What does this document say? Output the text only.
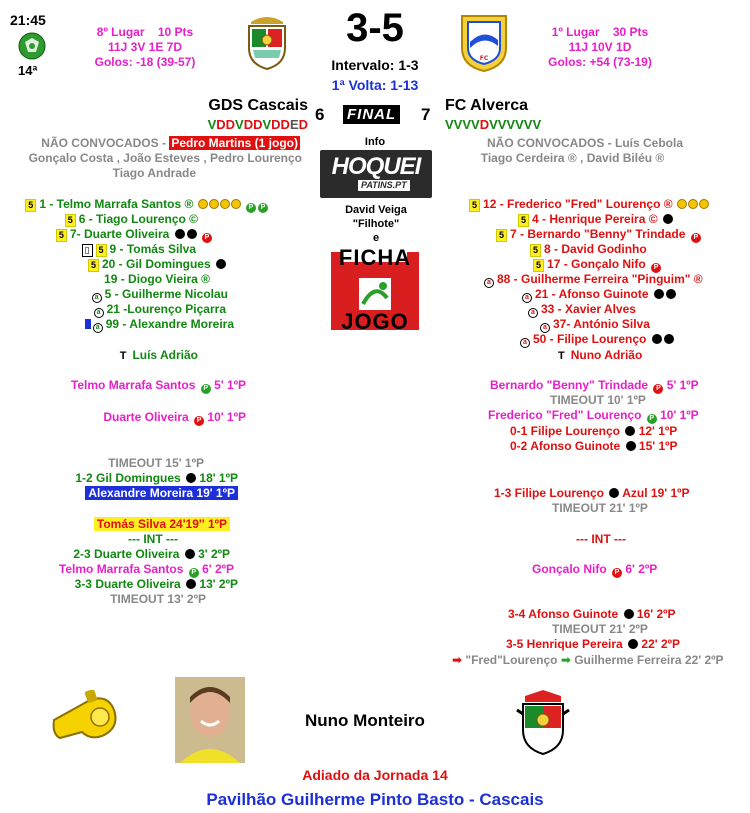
21:45
14ª
8º Lugar 10 Pts
11J 3V 1E 7D
Golos: -18 (39-57)
3-5
Intervalo: 1-3
1ª Volta: 1-13
FC
1º Lugar 30 Pts
11J 10V 1D
Golos: +54 (73-19)
GDS Cascais 6 FINAL 7 FC Alverca
VDDVDDVDDED	VVVVDVVVVVV
NÃO CONVOCADOS - Pedro Martins (1 jogo)
Gonçalo Costa , João Esteves , Pedro Lourenço
Tiago Andrade
NÃO CONVOCADOS - Luís Cebola
Tiago Cerdeira ® , David Biléu ®
Info
HOQUEI
PATINS.PT
David Veiga
"Filhote"
e
FICHA
JOGO
5 1 - Telmo Marrafa Santos ®	P P
5 6 - Tiago Lourenço ©
5 7- Duarte Oliveira	P
▯ 5 9 - Tomás Silva
5 20 - Gil Domingues
19 - Diogo Vieira ®
a 5 - Guilherme Nicolau
a 21 -Lourenço Piçarra
a 99 - Alexandre Moreira
T Luís Adrião
5 12 - Frederico "Fred" Lourenço ®
5 4 - Henrique Pereira ©
5 7 - Bernardo "Benny" Trindade P
5 8 - David Godinho
5 17 - Gonçalo Nifo P
a 88 - Guilherme Ferreira "Pinguim" ®
a 21 - Afonso Guinote
a 33 - Xavier Alves
a 37- António Silva
a 50 - Filipe Lourenço
T Nuno Adrião
Telmo Marrafa Santos P 5' 1ºP
Duarte Oliveira P 10' 1ºP
TIMEOUT 15' 1ºP
1-2 Gil Domingues 18' 1ºP
Alexandre Moreira 19' 1ºP
Tomás Silva 24'19'' 1ºP
--- INT ---
2-3 Duarte Oliveira 3' 2ºP
Telmo Marrafa Santos P 6' 2ºP
3-3 Duarte Oliveira 13' 2ºP
TIMEOUT 13' 2ºP
Bernardo "Benny" Trindade P 5' 1ºP
TIMEOUT 10' 1ºP
Frederico "Fred" Lourenço P 10' 1ºP
0-1 Filipe Lourenço 12' 1ºP
0-2 Afonso Guinote 15' 1ºP
1-3 Filipe Lourenço Azul 19' 1ºP
TIMEOUT 21' 1ºP
--- INT ---
Gonçalo Nifo P 6' 2ºP
3-4 Afonso Guinote 16' 2ºP
TIMEOUT 21' 2ºP
3-5 Henrique Pereira 22' 2ºP
➡ "Fred"Lourenço ➡ Guilherme Ferreira 22' 2ºP
Nuno Monteiro
Adiado da Jornada 14
Pavilhão Guilherme Pinto Basto - Cascais
